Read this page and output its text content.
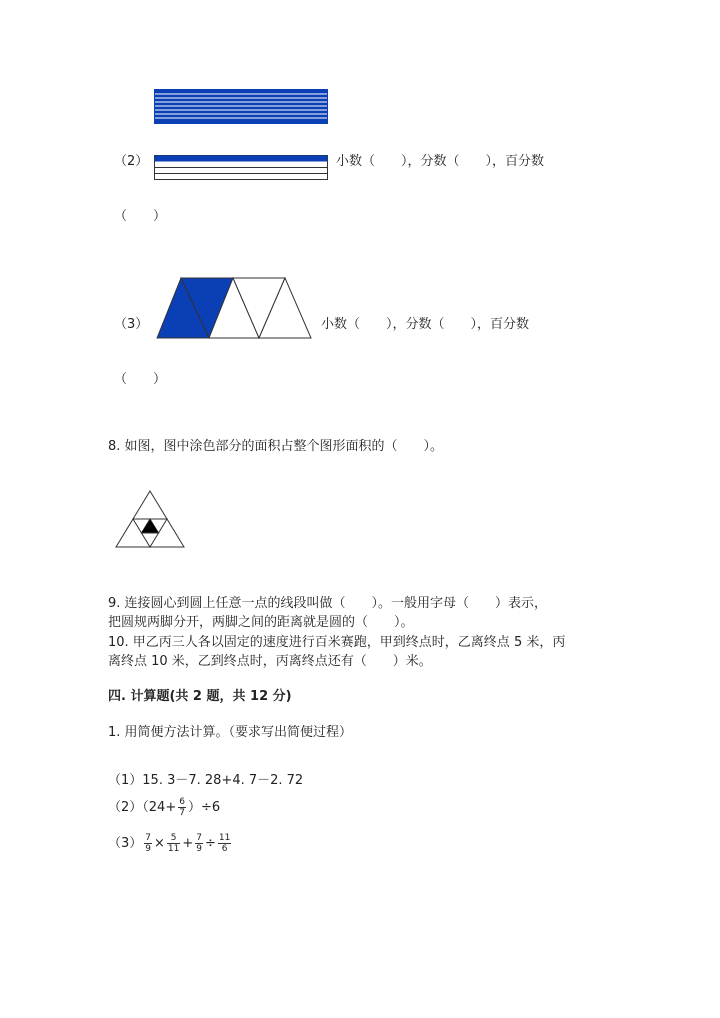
（2）	小数（　　），分数（　　），百分数
（　　）
（3）	小数（　　），分数（　　），百分数
（　　）
8. 如图，图中涂色部分的面积占整个图形面积的（　　）。
9. 连接圆心到圆上任意一点的线段叫做（　　）。一般用字母（　　）表示，
把圆规两脚分开，两脚之间的距离就是圆的（　　）。
10. 甲乙丙三人各以固定的速度进行百米赛跑，甲到终点时，乙离终点 5 米，丙
离终点 10 米，乙到终点时，丙离终点还有（　　）米。
四. 计算题(共 2 题，共 12 分)
1. 用简便方法计算。（要求写出简便过程）
（1）15. 3－7. 28+4. 7－2. 72
$(2)(24+ \frac{6}{7} )\div 6$
$(3) \frac{7}{9} \times \frac{5}{11} + \frac{7}{9} \div \frac{11}{6}$
